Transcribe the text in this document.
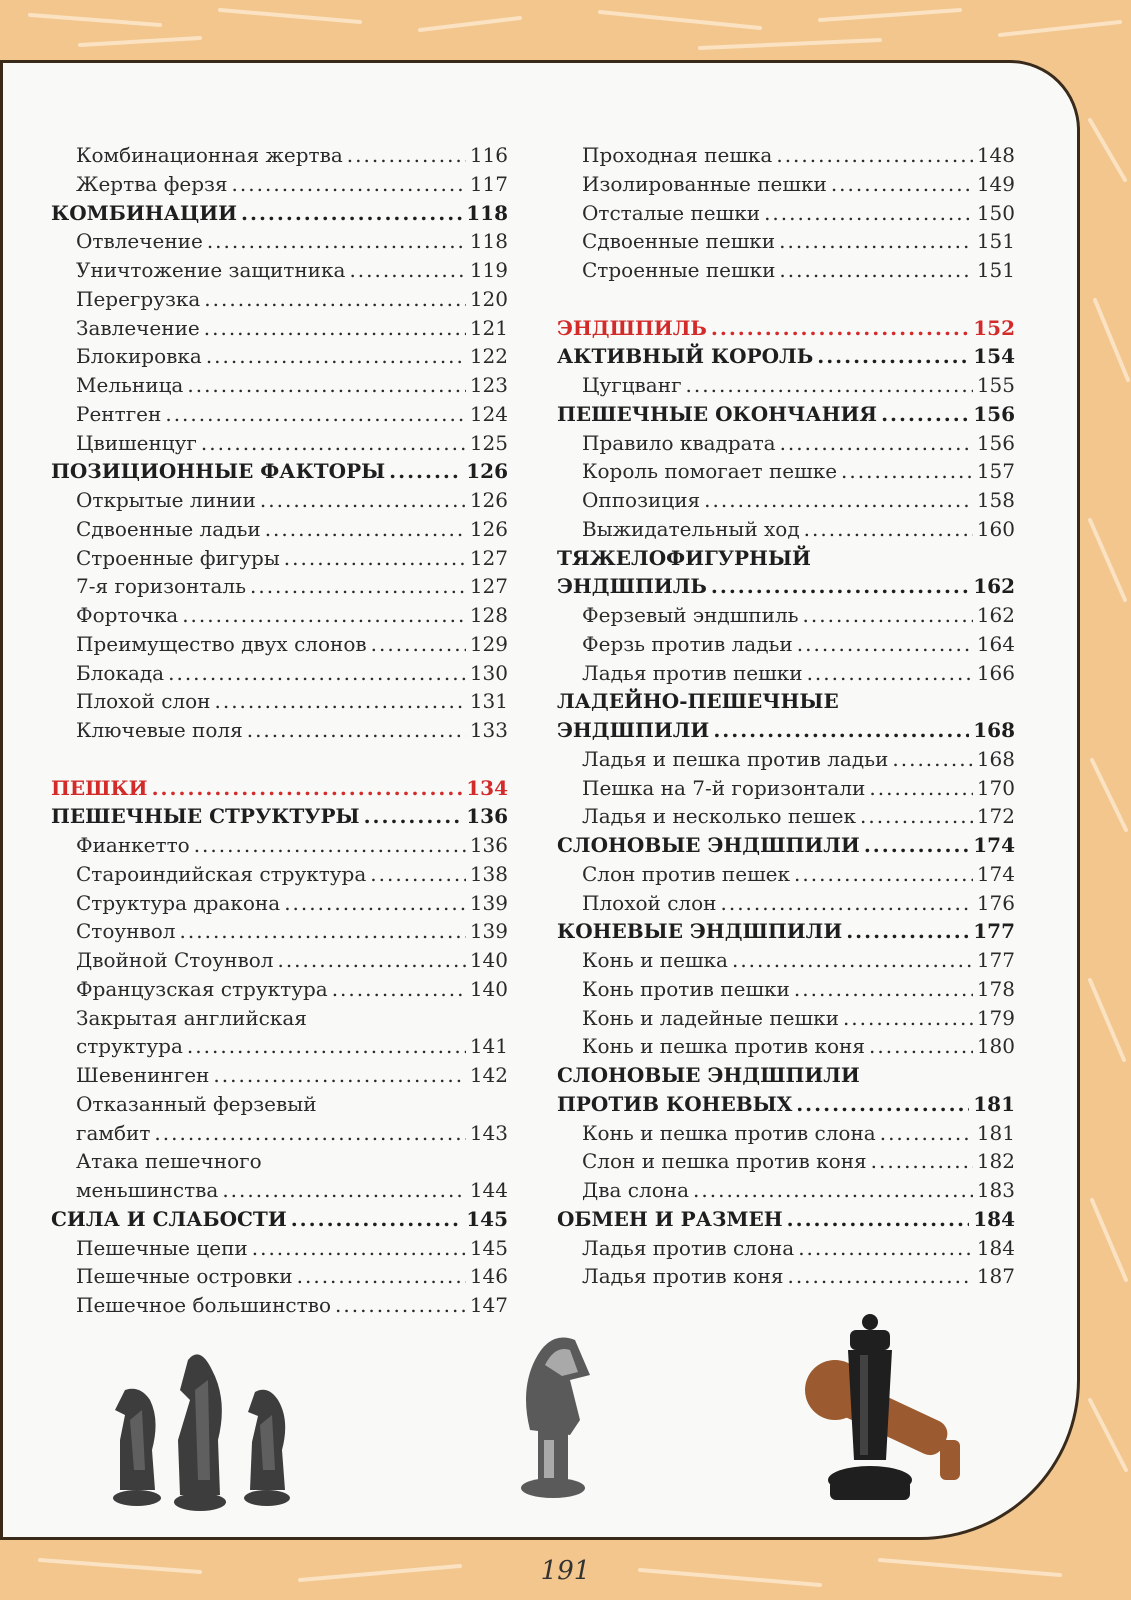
Комбинационная жертва .....	116
Жертва ферзя .....	117
КОМБИНАЦИИ .....	118
Отвлечение .....	118
Уничтожение защитника .....	119
Перегрузка .....	120
Завлечение .....	121
Блокировка .....	122
Мельница .....	123
Рентген .....	124
Цвишенцуг .....	125
ПОЗИЦИОННЫЕ ФАКТОРЫ .....	126
Открытые линии .....	126
Сдвоенные ладьи .....	126
Строенные фигуры .....	127
7-я горизонталь .....	127
Форточка .....	128
Преимущество двух слонов .....	129
Блокада .....	130
Плохой слон .....	131
Ключевые поля .....	133
ПЕШКИ .....	134
ПЕШЕЧНЫЕ СТРУКТУРЫ .....	136
Фианкетто .....	136
Староиндийская структура .....	138
Структура дракона .....	139
Стоунвол .....	139
Двойной Стоунвол .....	140
Французская структура .....	140
Закрытая английская
структура .....	141
Шевенинген .....	142
Отказанный ферзевый
гамбит .....	143
Атака пешечного
меньшинства .....	144
СИЛА И СЛАБОСТИ .....	145
Пешечные цепи .....	145
Пешечные островки .....	146
Пешечное большинство .....	147
Проходная пешка .....	148
Изолированные пешки .....	149
Отсталые пешки .....	150
Сдвоенные пешки .....	151
Строенные пешки .....	151
ЭНДШПИЛЬ .....	152
АКТИВНЫЙ КОРОЛЬ .....	154
Цугцванг .....	155
ПЕШЕЧНЫЕ ОКОНЧАНИЯ .....	156
Правило квадрата .....	156
Король помогает пешке .....	157
Оппозиция .....	158
Выжидательный ход .....	160
ТЯЖЕЛОФИГУРНЫЙ
ЭНДШПИЛЬ .....	162
Ферзевый эндшпиль .....	162
Ферзь против ладьи .....	164
Ладья против пешки .....	166
ЛАДЕЙНО-ПЕШЕЧНЫЕ
ЭНДШПИЛИ .....	168
Ладья и пешка против ладьи .....	168
Пешка на 7-й горизонтали .....	170
Ладья и несколько пешек .....	172
СЛОНОВЫЕ ЭНДШПИЛИ .....	174
Слон против пешек .....	174
Плохой слон .....	176
КОНЕВЫЕ ЭНДШПИЛИ .....	177
Конь и пешка .....	177
Конь против пешки .....	178
Конь и ладейные пешки .....	179
Конь и пешка против коня .....	180
СЛОНОВЫЕ ЭНДШПИЛИ
ПРОТИВ КОНЕВЫХ .....	181
Конь и пешка против слона .....	181
Слон и пешка против коня .....	182
Два слона .....	183
ОБМЕН И РАЗМЕН .....	184
Ладья против слона .....	184
Ладья против коня .....	187
191
